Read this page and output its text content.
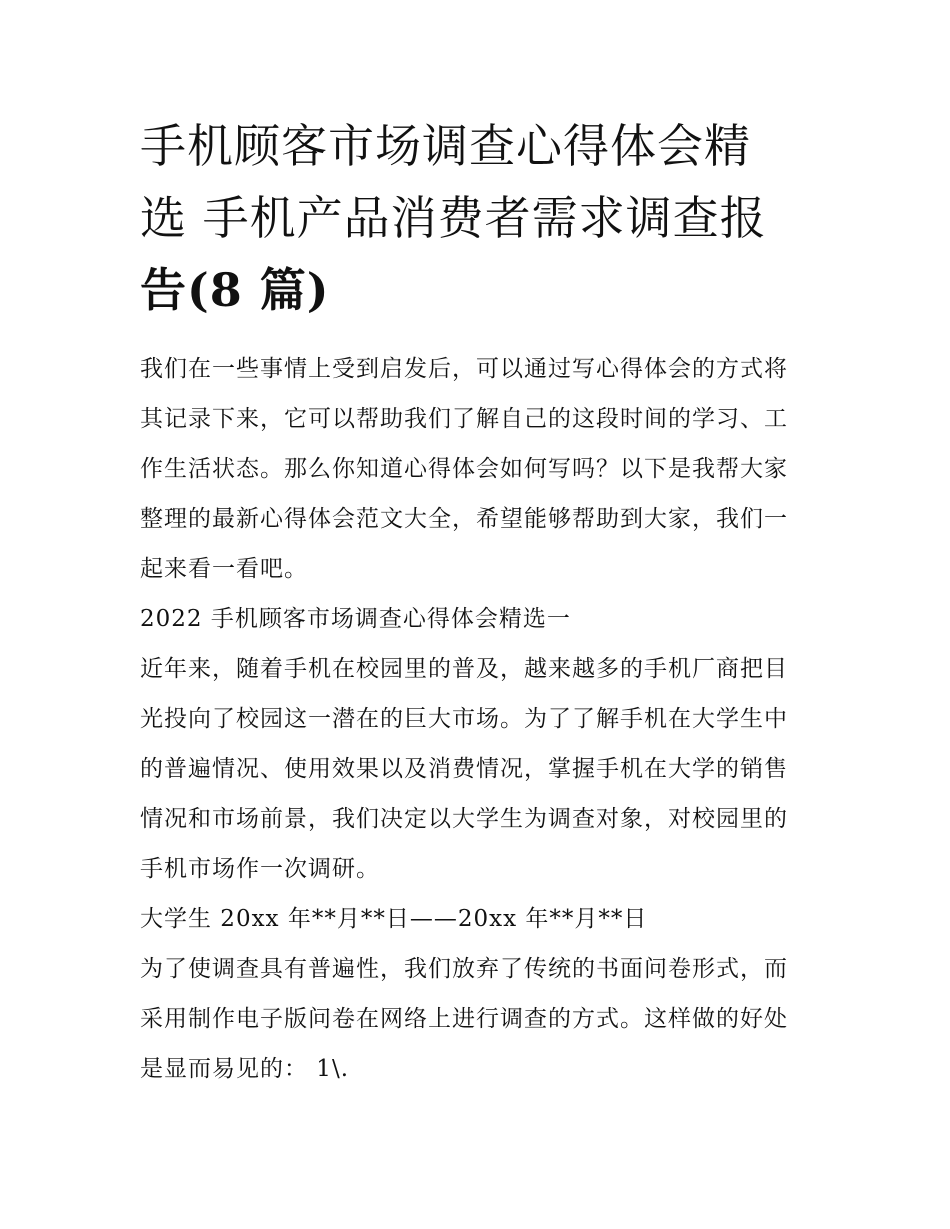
手机顾客市场调查心得体会精
选 手机产品消费者需求调查报
告(8 篇)

我们在一些事情上受到启发后，可以通过写心得体会的方式将
其记录下来，它可以帮助我们了解自己的这段时间的学习、工
作生活状态。那么你知道心得体会如何写吗？以下是我帮大家
整理的最新心得体会范文大全，希望能够帮助到大家，我们一
起来看一看吧。

2022 手机顾客市场调查心得体会精选一

近年来，随着手机在校园里的普及，越来越多的手机厂商把目
光投向了校园这一潜在的巨大市场。为了了解手机在大学生中
的普遍情况、使用效果以及消费情况，掌握手机在大学的销售
情况和市场前景，我们决定以大学生为调查对象，对校园里的
手机市场作一次调研。

大学生 20xx 年**月**日——20xx 年**月**日

为了使调查具有普遍性，我们放弃了传统的书面问卷形式，而
采用制作电子版问卷在网络上进行调查的方式。这样做的好处
是显而易见的： 1\.
